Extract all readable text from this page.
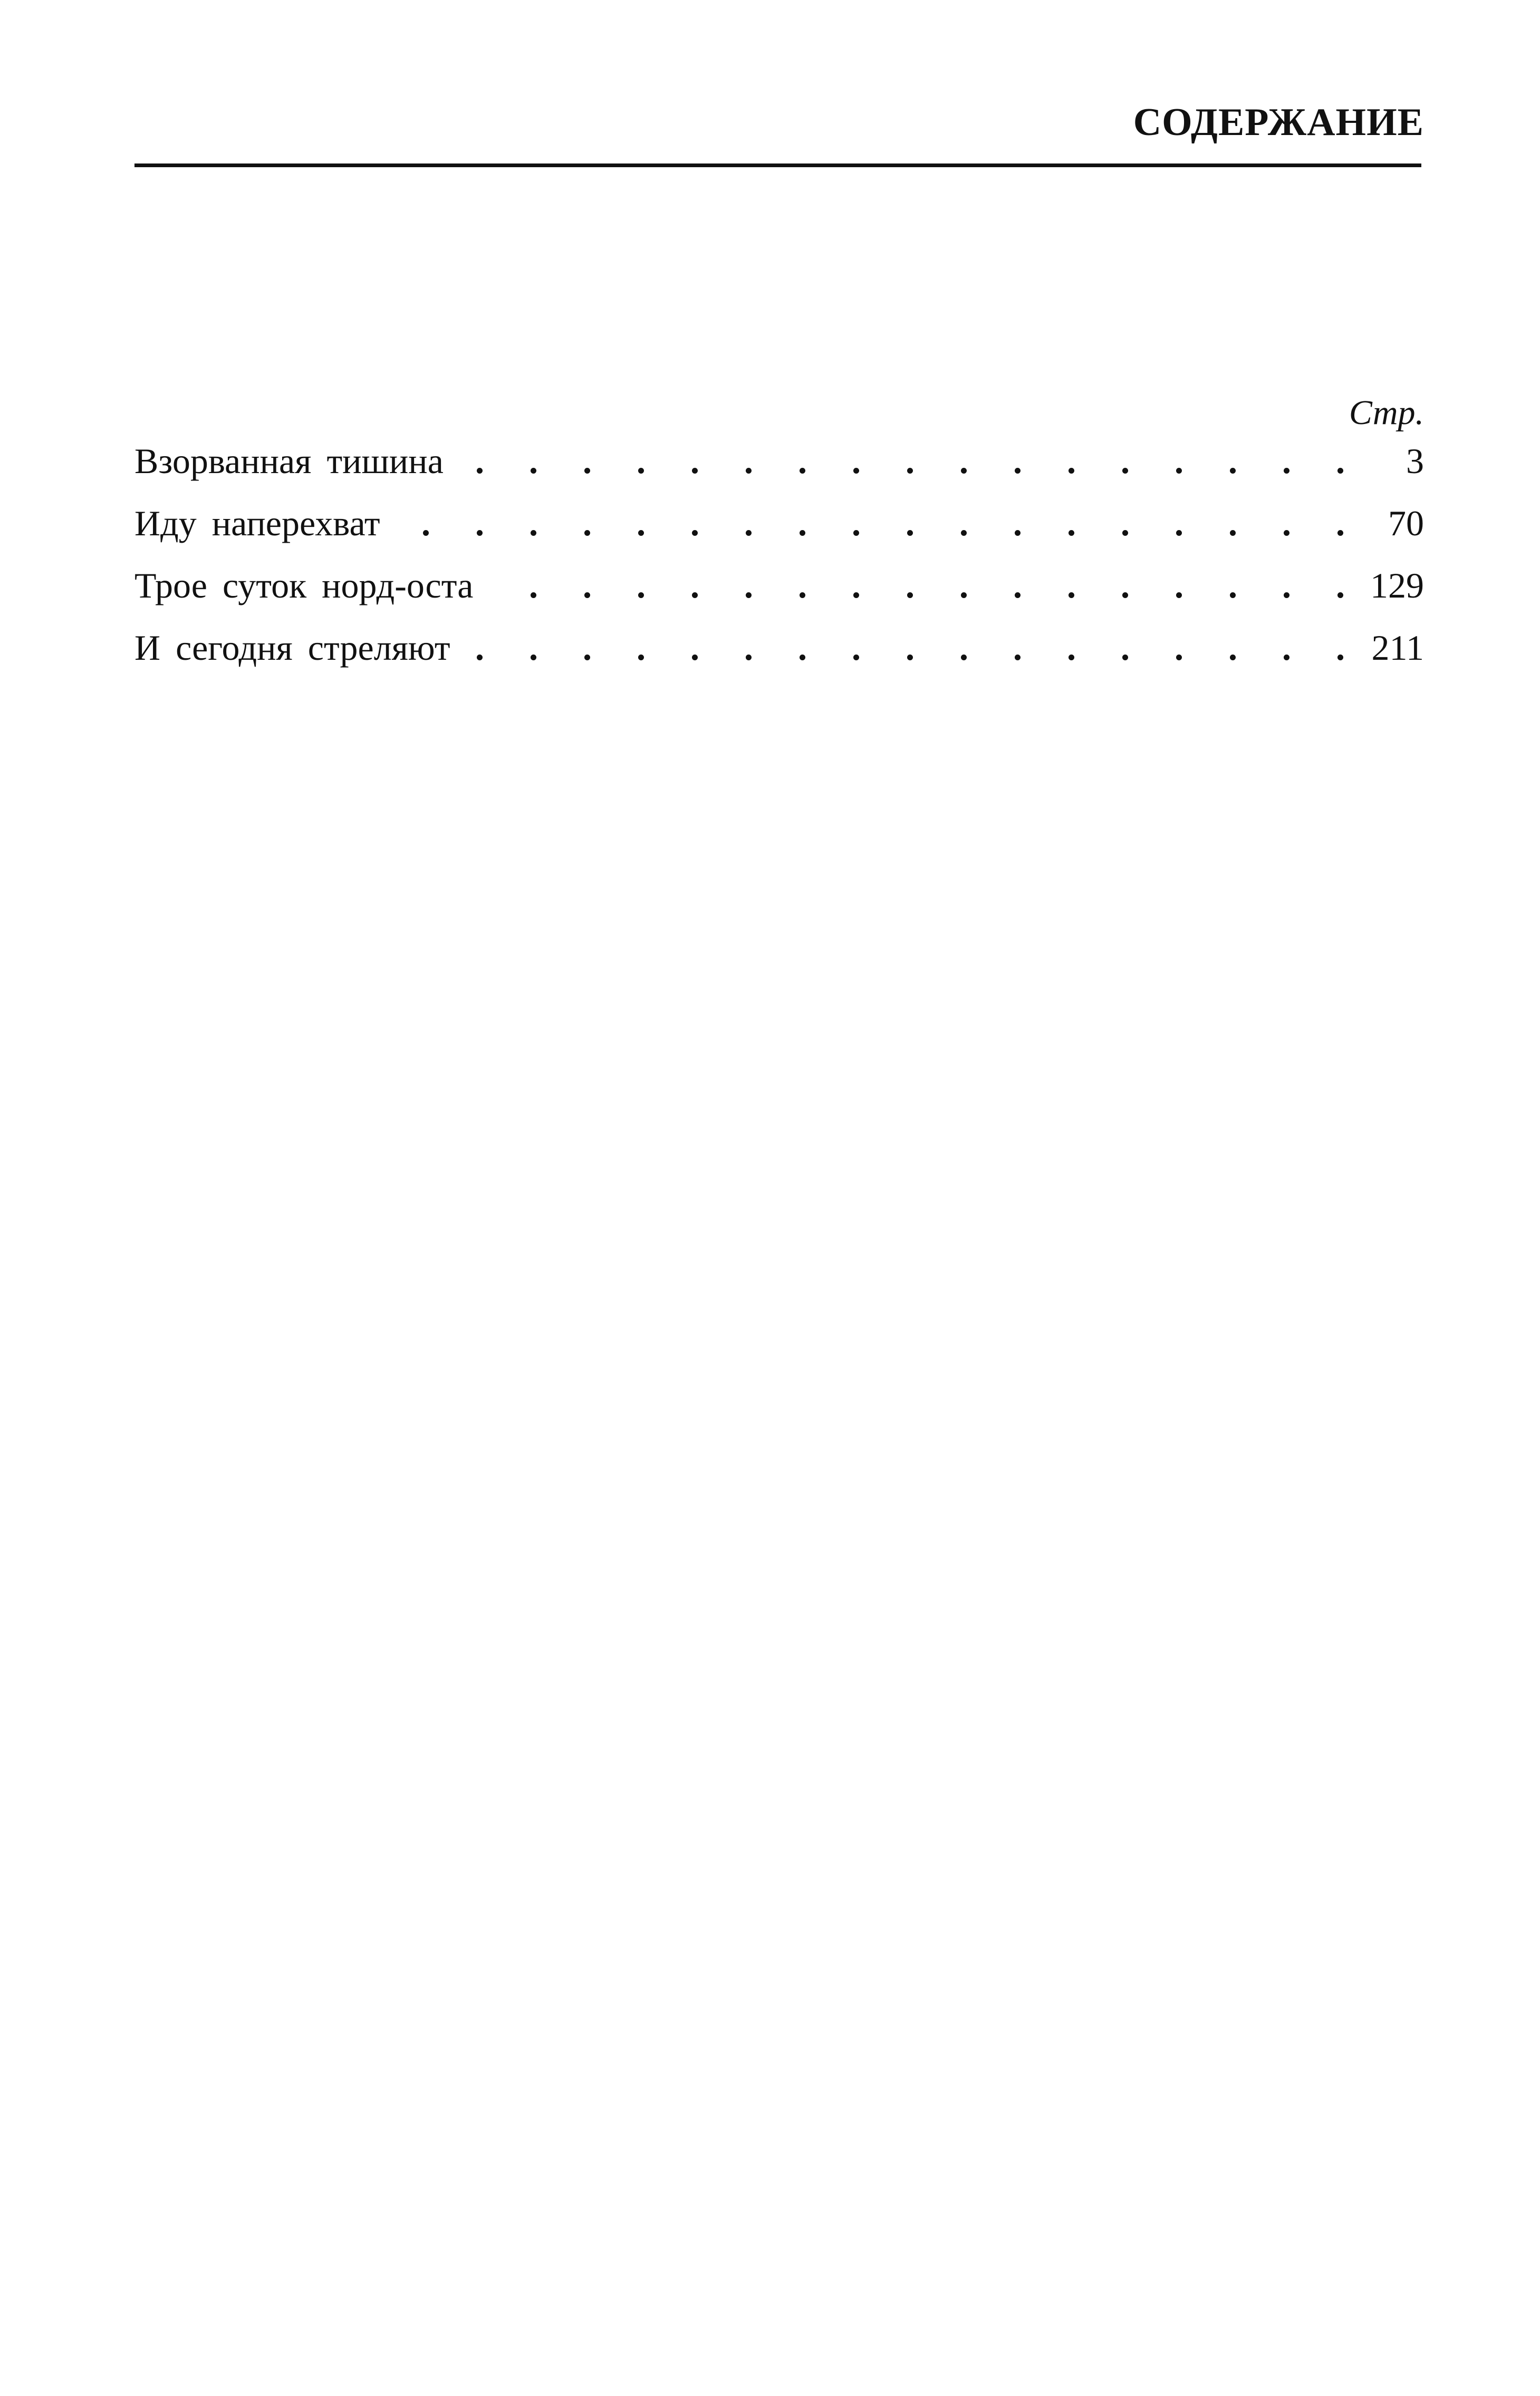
СОДЕРЖАНИЕ
Стр.
Взорванная тишина .	3
Иду наперехват .	70
Трое суток норд-оста .	129
И сегодня стреляют .	211
